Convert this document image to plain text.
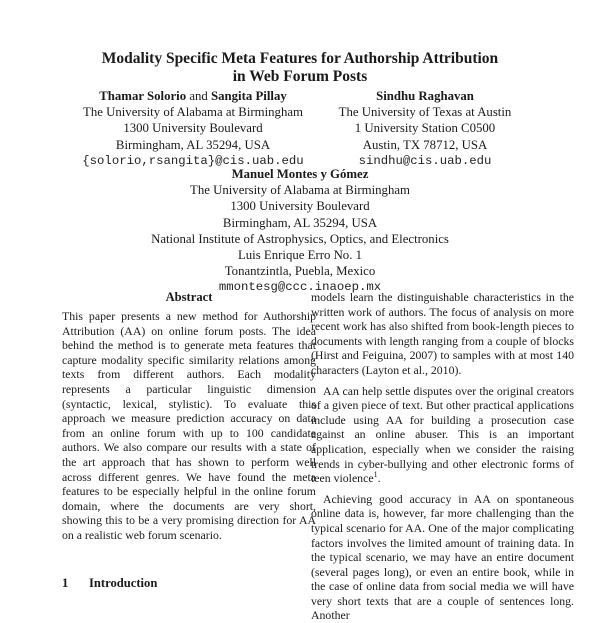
Modality Specific Meta Features for Authorship Attribution
in Web Forum Posts
Thamar Solorio and Sangita Pillay
The University of Alabama at Birmingham
1300 University Boulevard
Birmingham, AL 35294, USA
{solorio,rsangita}@cis.uab.edu
Sindhu Raghavan
The University of Texas at Austin
1 University Station C0500
Austin, TX 78712, USA
sindhu@cis.uab.edu
Manuel Montes y Gómez
The University of Alabama at Birmingham
1300 University Boulevard
Birmingham, AL 35294, USA
National Institute of Astrophysics, Optics, and Electronics
Luis Enrique Erro No. 1
Tonantzintla, Puebla, Mexico
mmontesg@ccc.inaoep.mx
Abstract
This paper presents a new method for Authorship Attribution (AA) on online forum posts. The idea behind the method is to generate meta features that capture modality specific similarity relations among texts from different authors. Each modality represents a particular linguistic dimension (syntactic, lexical, stylistic). To evaluate this approach we measure prediction accuracy on data from an online forum with up to 100 candidate authors. We also compare our results with a state of the art approach that has shown to perform well across different genres. We have found the meta features to be especially helpful in the online forum domain, where the documents are very short, showing this to be a very promising direction for AA on a realistic web forum scenario.
1 Introduction

models learn the distinguishable characteristics in the written work of authors. The focus of analysis on more recent work has also shifted from book-length pieces to documents with length ranging from a couple of blocks (Hirst and Feiguina, 2007) to samples with at most 140 characters (Layton et al., 2010).

AA can help settle disputes over the original creators of a given piece of text. But other practical applications include using AA for building a prosecution case against an online abuser. This is an important application, especially when we consider the raising trends in cyber-bullying and other electronic forms of teen violence$^1$.

Achieving good accuracy in AA on spontaneous online data is, however, far more challenging than the typical scenario for AA. One of the major complicating factors involves the limited amount of training data. In the typical scenario, we may have an entire document (several pages long), or even an entire book, while in the case of online data from social media we will have very short texts that are a couple of sentences long. Another
